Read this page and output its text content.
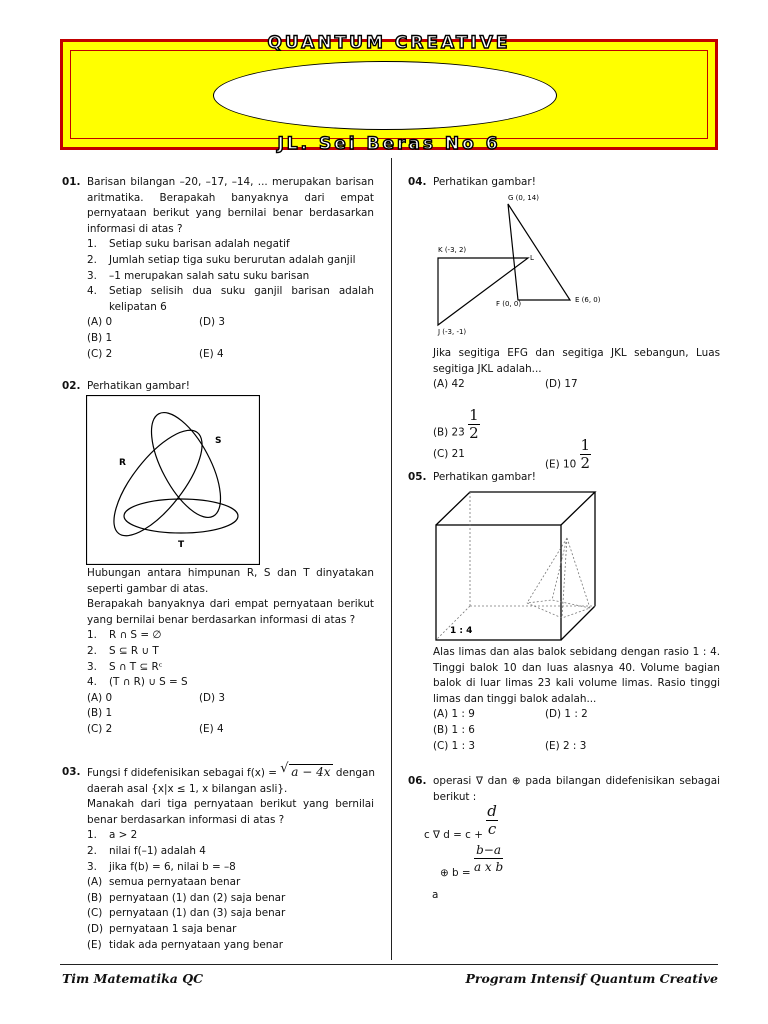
QUANTUM CREATIVE
JL. Sei Beras No 6
01. Barisan bilangan –20, –17, –14, ... merupakan barisan aritmatika. Berapakah banyaknya dari empat pernyataan berikut yang bernilai benar berdasarkan informasi di atas ?
1. Setiap suku barisan adalah negatif
2. Jumlah setiap tiga suku berurutan adalah ganjil
3. –1 merupakan salah satu suku barisan
4. Setiap selisih dua suku ganjil barisan adalah kelipatan 6
(A) 0
(B) 1
(C) 2
(D) 3
(E) 4
02. Perhatikan gambar!
R
S
T
Hubungan antara himpunan R, S dan T dinyatakan seperti gambar di atas.
Berapakah banyaknya dari empat pernyataan berikut yang bernilai benar berdasarkan informasi di atas ?
1. R ∩ S = ∅
2. S ⊆ R ∪ T
3. S ∩ T ⊆ Rᶜ
4. (T ∩ R) ∪ S = S
(A) 0
(B) 1
(C) 2
(D) 3
(E) 4
03. Fungsi f didefenisikan sebagai f(x) = √ a − 4x dengan
daerah asal {x|x ≤ 1, x bilangan asli}.
Manakah dari tiga pernyataan berikut yang bernilai benar berdasarkan informasi di atas ?
1. a > 2
2. nilai f(–1) adalah 4
3. jika f(b) = 6, nilai b = –8
(A) semua pernyataan benar
(B) pernyataan (1) dan (2) saja benar
(C) pernyataan (1) dan (3) saja benar
(D) pernyataan 1 saja benar
(E) tidak ada pernyataan yang benar
04. Perhatikan gambar!
G (0, 14)
K (-3, 2)
L
F (0, 0)	E (6, 0)
J (-3, -1)
Jika segitiga EFG dan segitiga JKL sebangun, Luas segitiga JKL adalah...
(A) 42	(D) 17
(B) $23 \frac{1}{2}$
(C) 21
(E) $10 \frac{1}{2}$
05. Perhatikan gambar!
1 : 4
Alas limas dan alas balok sebidang dengan rasio 1 : 4. Tinggi balok 10 dan luas alasnya 40. Volume bagian balok di luar limas 23 kali volume limas. Rasio tinggi limas dan tinggi balok adalah...
(A) 1 : 9
(B) 1 : 6
(C) 1 : 3
(D) 1 : 2
(E) 2 : 3
06. operasi ∇ dan ⊕ pada bilangan didefenisikan sebagai berikut :
c ∇ $d = c + \frac{d}{c}$
⊕ $b = \frac{b-a}{\text{a x b}}$
a
Tim Matematika QC	Program Intensif Quantum Creative
